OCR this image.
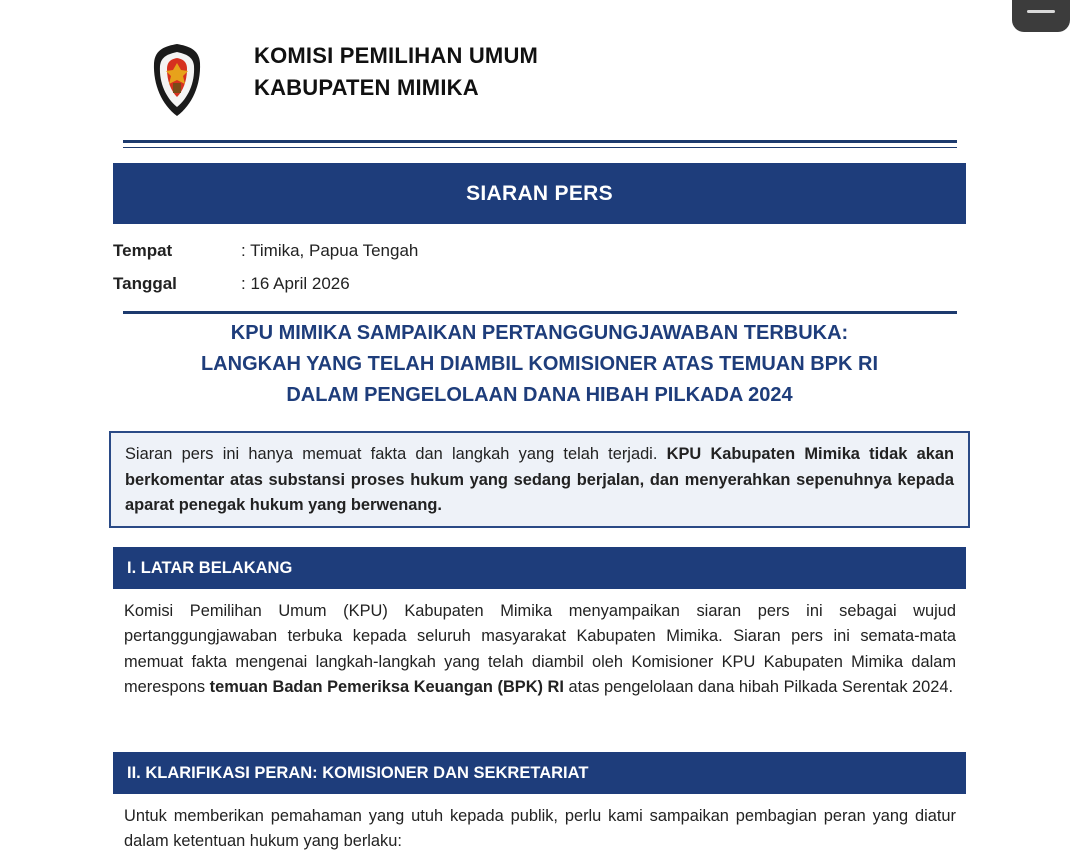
KOMISI PEMILIHAN UMUM
KABUPATEN MIMIKA
SIARAN PERS
Tempat	: Timika, Papua Tengah
Tanggal	: 16 April 2026
KPU MIMIKA SAMPAIKAN PERTANGGUNGJAWABAN TERBUKA:
LANGKAH YANG TELAH DIAMBIL KOMISIONER ATAS TEMUAN BPK RI
DALAM PENGELOLAAN DANA HIBAH PILKADA 2024
Siaran pers ini hanya memuat fakta dan langkah yang telah terjadi. KPU Kabupaten Mimika tidak akan berkomentar atas substansi proses hukum yang sedang berjalan, dan menyerahkan sepenuhnya kepada aparat penegak hukum yang berwenang.
I. LATAR BELAKANG
Komisi Pemilihan Umum (KPU) Kabupaten Mimika menyampaikan siaran pers ini sebagai wujud pertanggungjawaban terbuka kepada seluruh masyarakat Kabupaten Mimika. Siaran pers ini semata-mata memuat fakta mengenai langkah-langkah yang telah diambil oleh Komisioner KPU Kabupaten Mimika dalam merespons temuan Badan Pemeriksa Keuangan (BPK) RI atas pengelolaan dana hibah Pilkada Serentak 2024.
II. KLARIFIKASI PERAN: KOMISIONER DAN SEKRETARIAT
Untuk memberikan pemahaman yang utuh kepada publik, perlu kami sampaikan pembagian peran yang diatur dalam ketentuan hukum yang berlaku:
